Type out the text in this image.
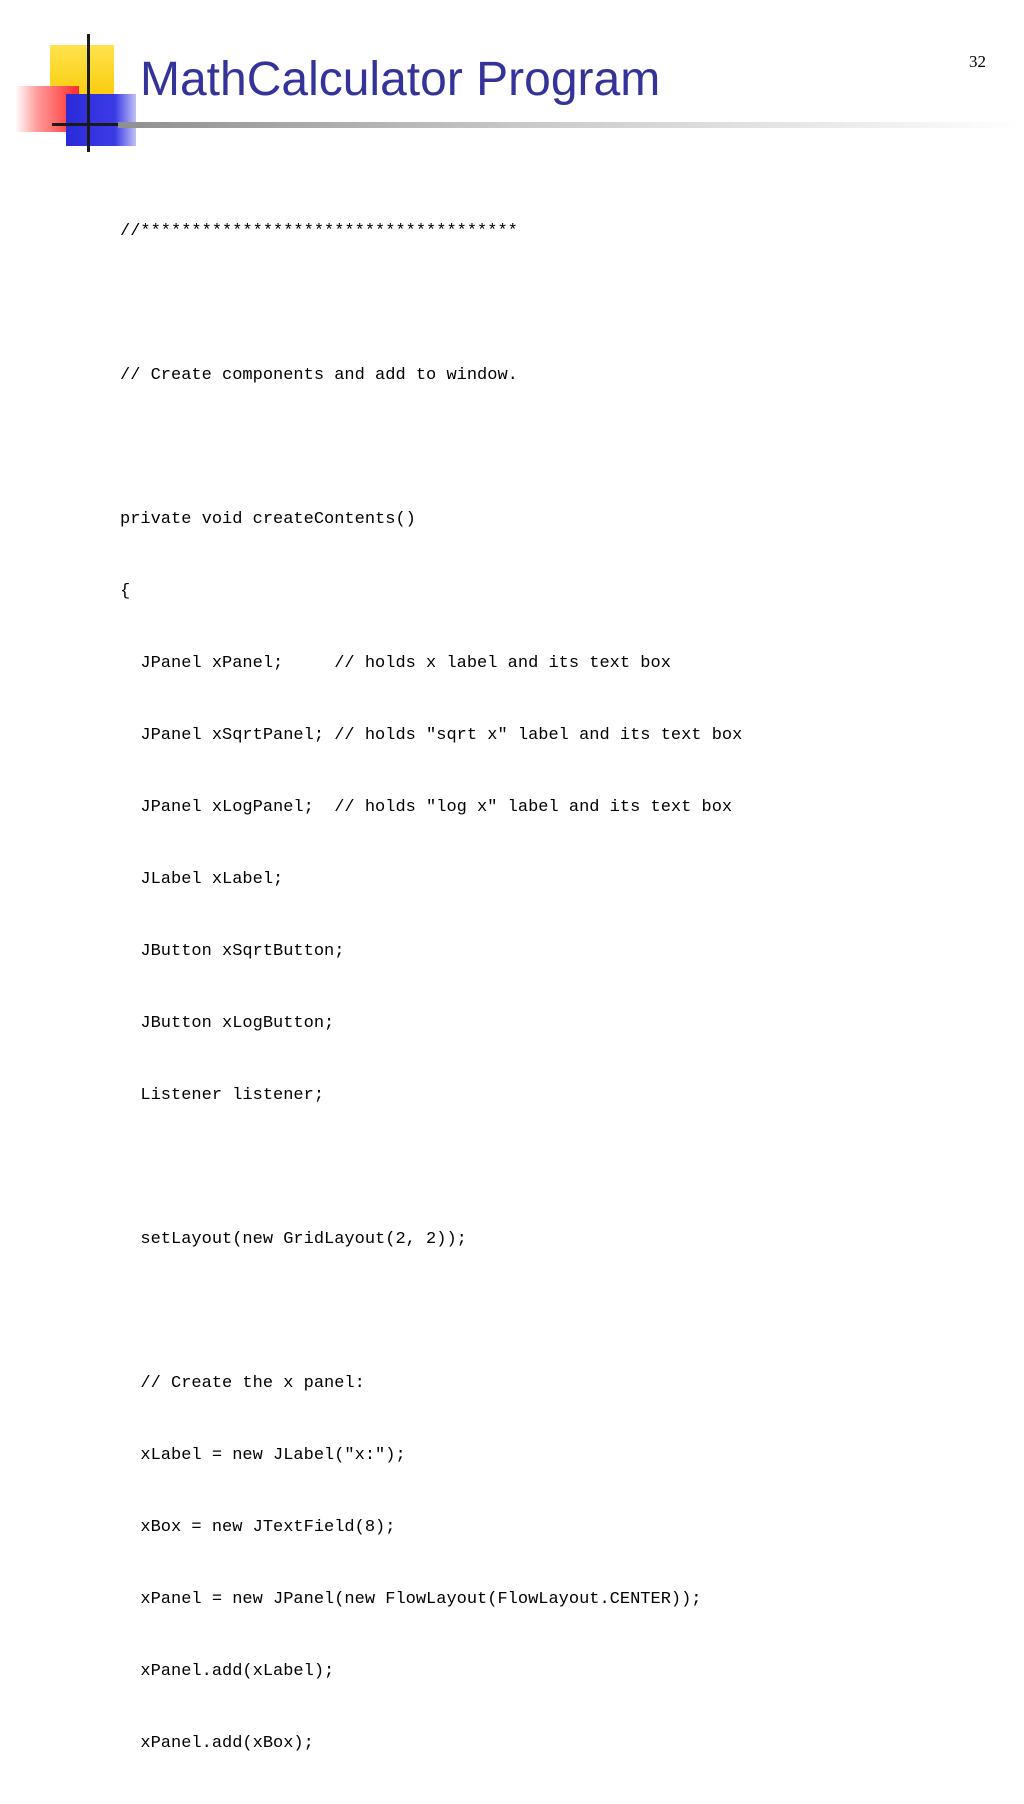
MathCalculator Program	32

//*************************************

// Create components and add to window.

private void createContents()

{

JPanel xPanel;     // holds x label and its text box

JPanel xSqrtPanel; // holds "sqrt x" label and its text box

JPanel xLogPanel;  // holds "log x" label and its text box

JLabel xLabel;

JButton xSqrtButton;

JButton xLogButton;

Listener listener;

setLayout(new GridLayout(2, 2));

// Create the x panel:

xLabel = new JLabel("x:");

xBox = new JTextField(8);

xPanel = new JPanel(new FlowLayout(FlowLayout.CENTER));

xPanel.add(xLabel);

xPanel.add(xBox);
